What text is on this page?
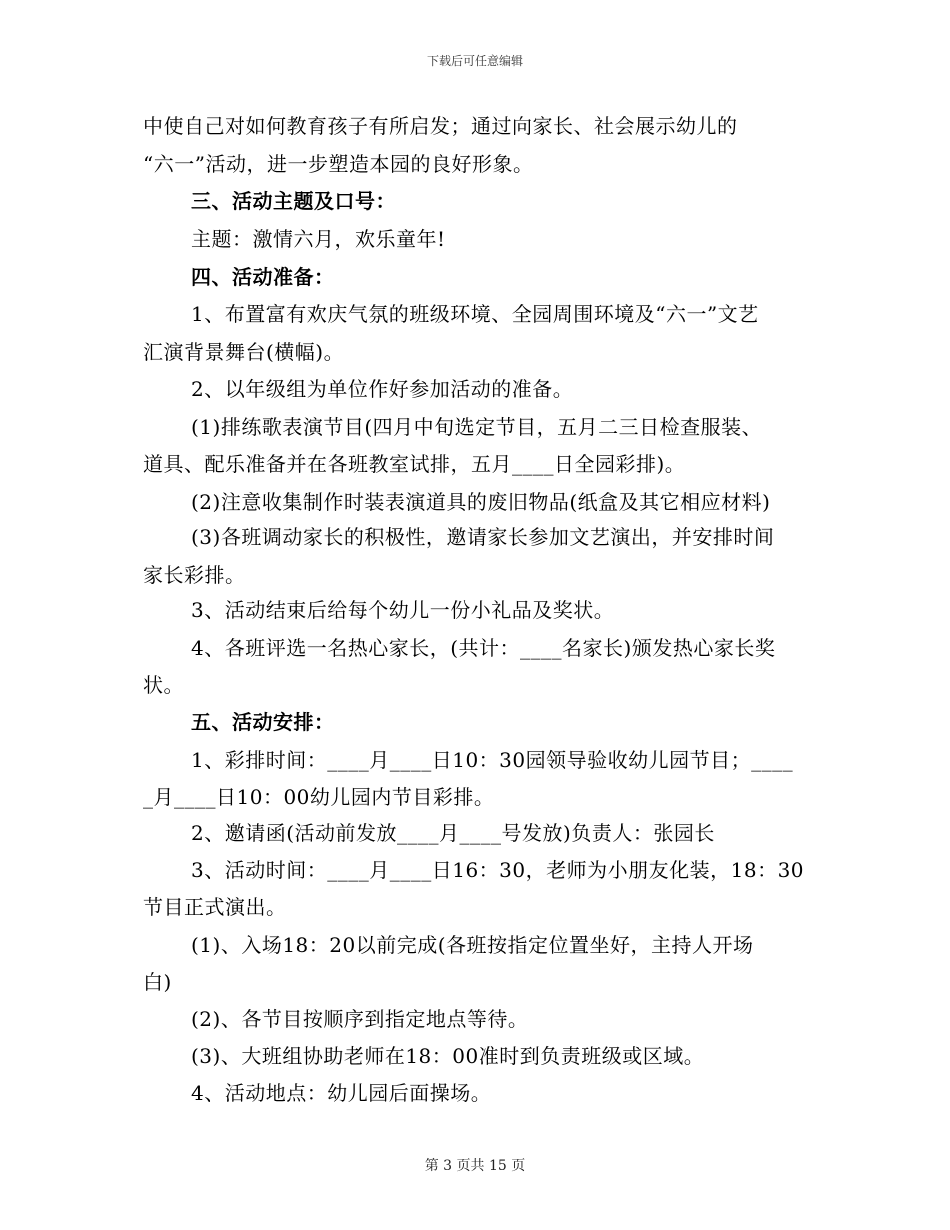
下载后可任意编辑
中使自己对如何教育孩子有所启发；通过向家长、社会展示幼儿的
“六一”活动，进一步塑造本园的良好形象。
三、活动主题及口号：
主题：激情六月，欢乐童年!
四、活动准备：
1、布置富有欢庆气氛的班级环境、全园周围环境及“六一”文艺
汇演背景舞台(横幅)。
2、以年级组为单位作好参加活动的准备。
(1)排练歌表演节目(四月中旬选定节目，五月二三日检查服装、
道具、配乐准备并在各班教室试排，五月____日全园彩排)。
(2)注意收集制作时装表演道具的废旧物品(纸盒及其它相应材料)
(3)各班调动家长的积极性，邀请家长参加文艺演出，并安排时间
家长彩排。
3、活动结束后给每个幼儿一份小礼品及奖状。
4、各班评选一名热心家长，(共计：____名家长)颁发热心家长奖
状。
五、活动安排：
1、彩排时间：____月____日10：30园领导验收幼儿园节目；____
_月____日10：00幼儿园内节目彩排。
2、邀请函(活动前发放____月____号发放)负责人：张园长
3、活动时间：____月____日16：30，老师为小朋友化装，18：30
节目正式演出。
(1)、入场18：20以前完成(各班按指定位置坐好，主持人开场
白)
(2)、各节目按顺序到指定地点等待。
(3)、大班组协助老师在18：00准时到负责班级或区域。
4、活动地点：幼儿园后面操场。
第 3 页共 15 页
